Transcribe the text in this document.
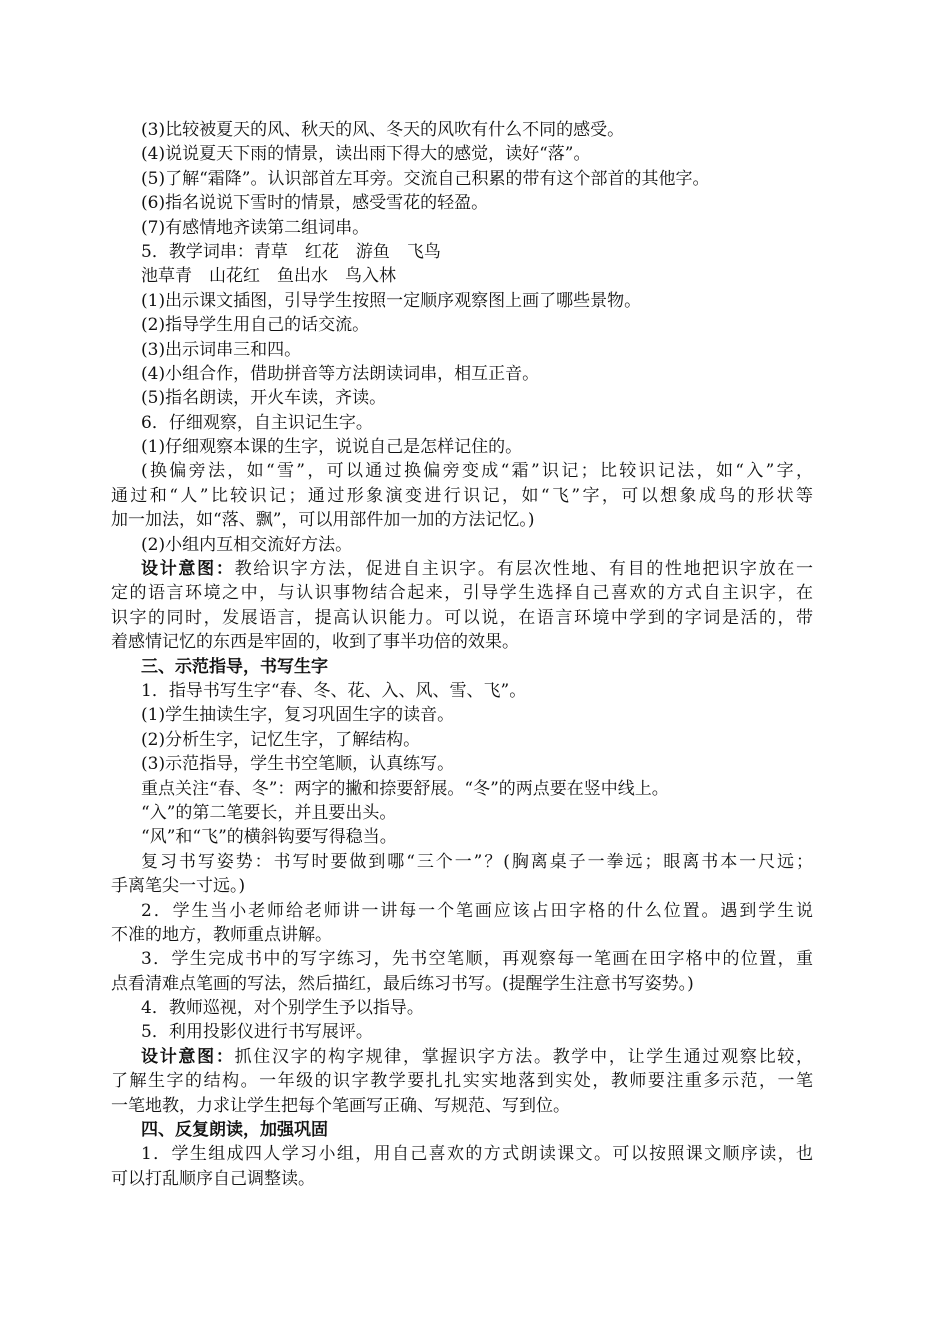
(3)比较被夏天的风、秋天的风、冬天的风吹有什么不同的感受。
(4)说说夏天下雨的情景，读出雨下得大的感觉，读好“落”。
(5)了解“霜降”。认识部首左耳旁。交流自己积累的带有这个部首的其他字。
(6)指名说说下雪时的情景，感受雪花的轻盈。
(7)有感情地齐读第二组词串。
5．教学词串：青草　红花　游鱼　飞鸟
池草青　山花红　鱼出水　鸟入林
(1)出示课文插图，引导学生按照一定顺序观察图上画了哪些景物。
(2)指导学生用自己的话交流。
(3)出示词串三和四。
(4)小组合作，借助拼音等方法朗读词串，相互正音。
(5)指名朗读，开火车读，齐读。
6．仔细观察，自主识记生字。
(1)仔细观察本课的生字，说说自己是怎样记住的。
(换偏旁法，如“雪”，可以通过换偏旁变成“霜”识记；比较识记法，如“入”字，
通过和“人”比较识记；通过形象演变进行识记，如“飞”字，可以想象成鸟的形状等
加一加法，如“落、飘”，可以用部件加一加的方法记忆。)
(2)小组内互相交流好方法。
设计意图：教给识字方法，促进自主识字。有层次性地、有目的性地把识字放在一
定的语言环境之中，与认识事物结合起来，引导学生选择自己喜欢的方式自主识字，在
识字的同时，发展语言，提高认识能力。可以说，在语言环境中学到的字词是活的，带
着感情记忆的东西是牢固的，收到了事半功倍的效果。
三、示范指导，书写生字
1．指导书写生字“春、冬、花、入、风、雪、飞”。
(1)学生抽读生字，复习巩固生字的读音。
(2)分析生字，记忆生字，了解结构。
(3)示范指导，学生书空笔顺，认真练写。
重点关注“春、冬”：两字的撇和捺要舒展。“冬”的两点要在竖中线上。
“入”的第二笔要长，并且要出头。
“风”和“飞”的横斜钩要写得稳当。
复习书写姿势：书写时要做到哪“三个一”？(胸离桌子一拳远；眼离书本一尺远；
手离笔尖一寸远。)
2．学生当小老师给老师讲一讲每一个笔画应该占田字格的什么位置。遇到学生说
不准的地方，教师重点讲解。
3．学生完成书中的写字练习，先书空笔顺，再观察每一笔画在田字格中的位置，重
点看清难点笔画的写法，然后描红，最后练习书写。(提醒学生注意书写姿势。)
4．教师巡视，对个别学生予以指导。
5．利用投影仪进行书写展评。
设计意图：抓住汉字的构字规律，掌握识字方法。教学中，让学生通过观察比较，
了解生字的结构。一年级的识字教学要扎扎实实地落到实处，教师要注重多示范，一笔
一笔地教，力求让学生把每个笔画写正确、写规范、写到位。
四、反复朗读，加强巩固
1．学生组成四人学习小组，用自己喜欢的方式朗读课文。可以按照课文顺序读，也
可以打乱顺序自己调整读。
